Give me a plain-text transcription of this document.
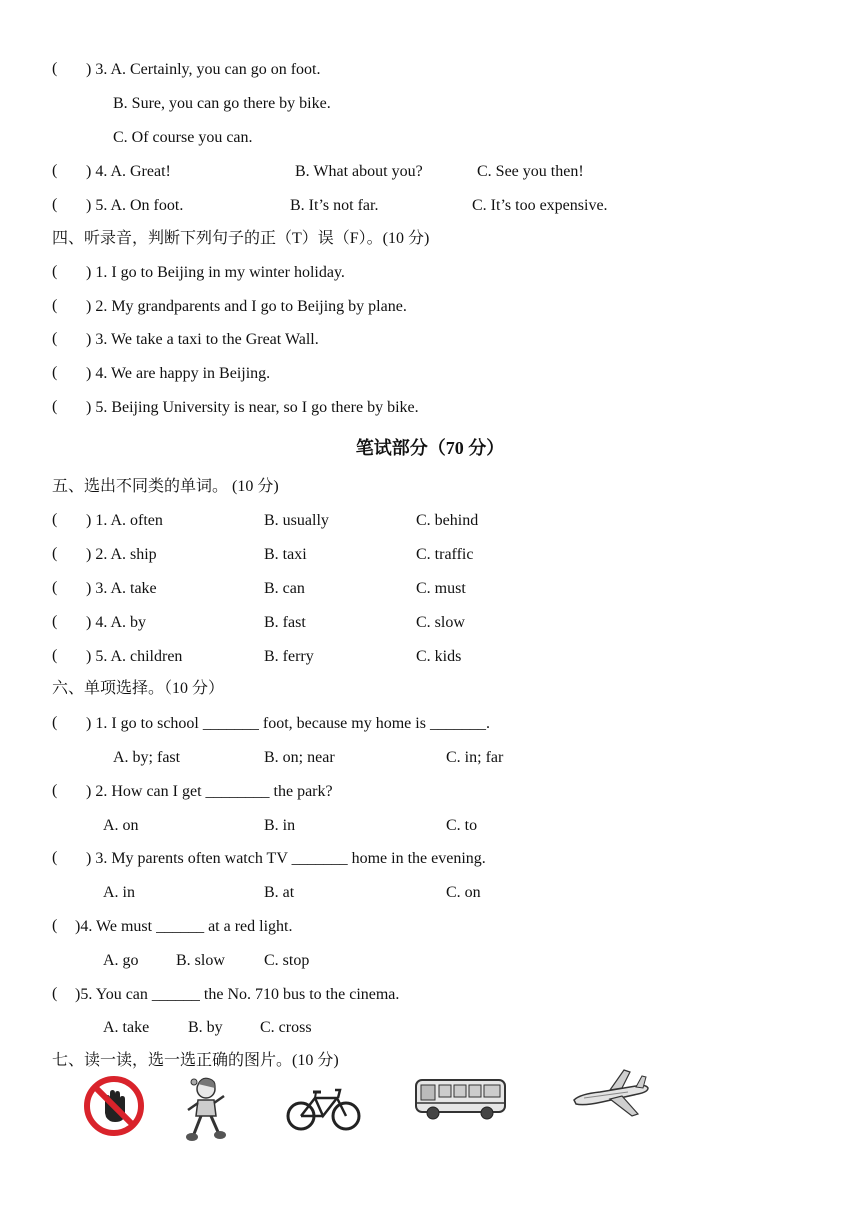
( ) 3. A. Certainly, you can go on foot.
B. Sure, you can go there by bike.
C. Of course you can.
( ) 4. A. Great!	B. What about you?	C. See you then!
( ) 5. A. On foot.	B. It’s not far.	C. It’s too expensive.
四、听录音，判断下列句子的正（T）误（F）。(10 分)
( ) 1. I go to Beijing in my winter holiday.
( ) 2. My grandparents and I go to Beijing by plane.
( ) 3. We take a taxi to the Great Wall.
( ) 4. We are happy in Beijing.
( ) 5. Beijing University is near, so I go there by bike.
笔试部分（70 分）
五、选出不同类的单词。 (10 分)
( ) 1. A. often	B. usually	C. behind
( ) 2. A. ship	B. taxi	C. traffic
( ) 3. A. take	B. can	C. must
( ) 4. A. by	B. fast	C. slow
( ) 5. A. children	B. ferry	C. kids
六、单项选择。（10 分）
( ) 1. I go to school _______ foot, because my home is _______.
A. by; fast	B. on; near	C. in; far
( ) 2. How can I get ________ the park?
A. on	B. in	C. to
( ) 3. My parents often watch TV _______ home in the evening.
A. in	B. at	C. on
( )4. We must ______ at a red light.
A. go B. slow C. stop
( )5. You can ______ the No. 710 bus to the cinema.
A. take B. by C. cross
七、读一读，选一选正确的图片。(10 分)
